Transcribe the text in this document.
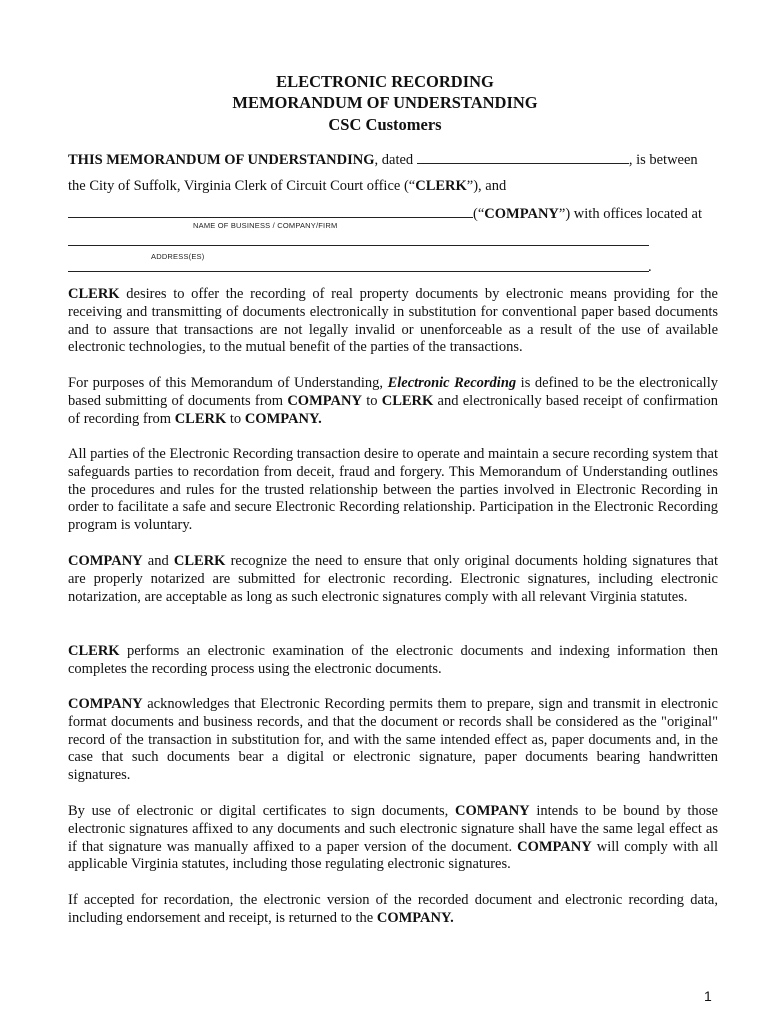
ELECTRONIC RECORDING
MEMORANDUM OF UNDERSTANDING
CSC Customers
THIS MEMORANDUM OF UNDERSTANDING, dated	, is between
the City of Suffolk, Virginia Clerk of Circuit Court office (“CLERK”), and
(“COMPANY”) with offices located at
NAME OF BUSINESS / COMPANY/FIRM
ADDRESS(ES)
.
CLERK desires to offer the recording of real property documents by electronic means providing for the receiving and transmitting of documents electronically in substitution for conventional paper based documents and to assure that transactions are not legally invalid or unenforceable as a result of the use of available electronic technologies, to the mutual benefit of the parties of the transactions.
For purposes of this Memorandum of Understanding, Electronic Recording is defined to be the electronically based submitting of documents from COMPANY to CLERK and electronically based receipt of confirmation of recording from CLERK to COMPANY.
All parties of the Electronic Recording transaction desire to operate and maintain a secure recording system that safeguards parties to recordation from deceit, fraud and forgery. This Memorandum of Understanding outlines the procedures and rules for the trusted relationship between the parties involved in Electronic Recording in order to facilitate a safe and secure Electronic Recording relationship. Participation in the Electronic Recording program is voluntary.
COMPANY and CLERK recognize the need to ensure that only original documents holding signatures that are properly notarized are submitted for electronic recording. Electronic signatures, including electronic notarization, are acceptable as long as such electronic signatures comply with all relevant Virginia statutes.
CLERK performs an electronic examination of the electronic documents and indexing information then completes the recording process using the electronic documents.
COMPANY acknowledges that Electronic Recording permits them to prepare, sign and transmit in electronic format documents and business records, and that the document or records shall be considered as the "original" record of the transaction in substitution for, and with the same intended effect as, paper documents and, in the case that such documents bear a digital or electronic signature, paper documents bearing handwritten signatures.
By use of electronic or digital certificates to sign documents, COMPANY intends to be bound by those electronic signatures affixed to any documents and such electronic signature shall have the same legal effect as if that signature was manually affixed to a paper version of the document. COMPANY will comply with all applicable Virginia statutes, including those regulating electronic signatures.
If accepted for recordation, the electronic version of the recorded document and electronic recording data, including endorsement and receipt, is returned to the COMPANY.
1
